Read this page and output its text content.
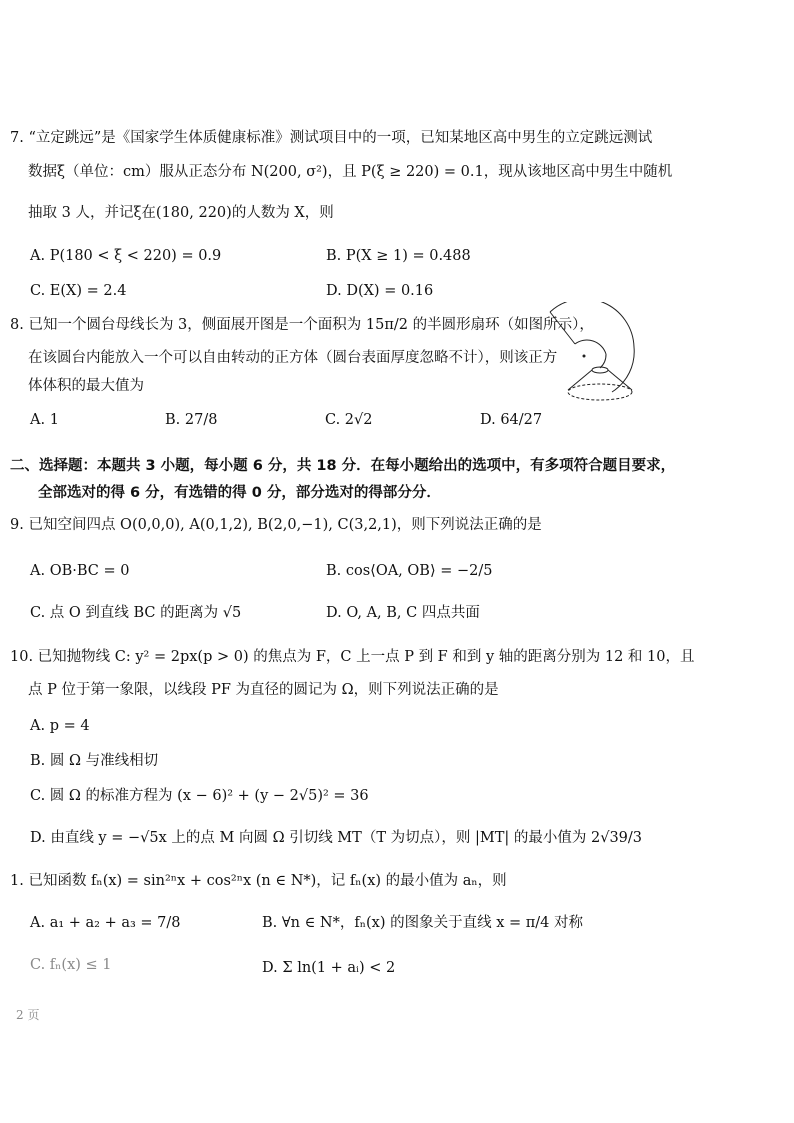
7. “立定跳远”是《国家学生体质健康标准》测试项目中的一项，已知某地区高中男生的立定跳远测试
数据ξ（单位：cm）服从正态分布 N(200, σ²)，且 P(ξ ≥ 220) = 0.1，现从该地区高中男生中随机
抽取 3 人，并记ξ在(180, 220)的人数为 X，则
A. P(180 < ξ < 220) = 0.9	B. P(X ≥ 1) = 0.488
C. E(X) = 2.4	D. D(X) = 0.16
8. 已知一个圆台母线长为 3，侧面展开图是一个面积为 15π/2 的半圆形扇环（如图所示），
在该圆台内能放入一个可以自由转动的正方体（圆台表面厚度忽略不计），则该正方
体体积的最大值为
A. 1	B. 27/8	C. 2√2	D. 64/27
二、选择题：本题共 3 小题，每小题 6 分，共 18 分．在每小题给出的选项中，有多项符合题目要求，
全部选对的得 6 分，有选错的得 0 分，部分选对的得部分分．
9. 已知空间四点 O(0,0,0), A(0,1,2), B(2,0,−1), C(3,2,1)，则下列说法正确的是
A. OB·BC = 0	B. cos⟨OA, OB⟩ = −2/5
C. 点 O 到直线 BC 的距离为 √5	D. O, A, B, C 四点共面
10. 已知抛物线 C: y² = 2px(p > 0) 的焦点为 F，C 上一点 P 到 F 和到 y 轴的距离分别为 12 和 10，且
点 P 位于第一象限，以线段 PF 为直径的圆记为 Ω，则下列说法正确的是
A. p = 4
B. 圆 Ω 与准线相切
C. 圆 Ω 的标准方程为 (x − 6)² + (y − 2√5)² = 36
D. 由直线 y = −√5x 上的点 M 向圆 Ω 引切线 MT（T 为切点），则 |MT| 的最小值为 2√39/3
1. 已知函数 fₙ(x) = sin²ⁿx + cos²ⁿx (n ∈ N*)，记 fₙ(x) 的最小值为 aₙ，则
A. a₁ + a₂ + a₃ = 7/8	B. ∀n ∈ N*，fₙ(x) 的图象关于直线 x = π/4 对称
C. fₙ(x) ≤ 1	D. Σ ln(1 + aᵢ) < 2
2 页
